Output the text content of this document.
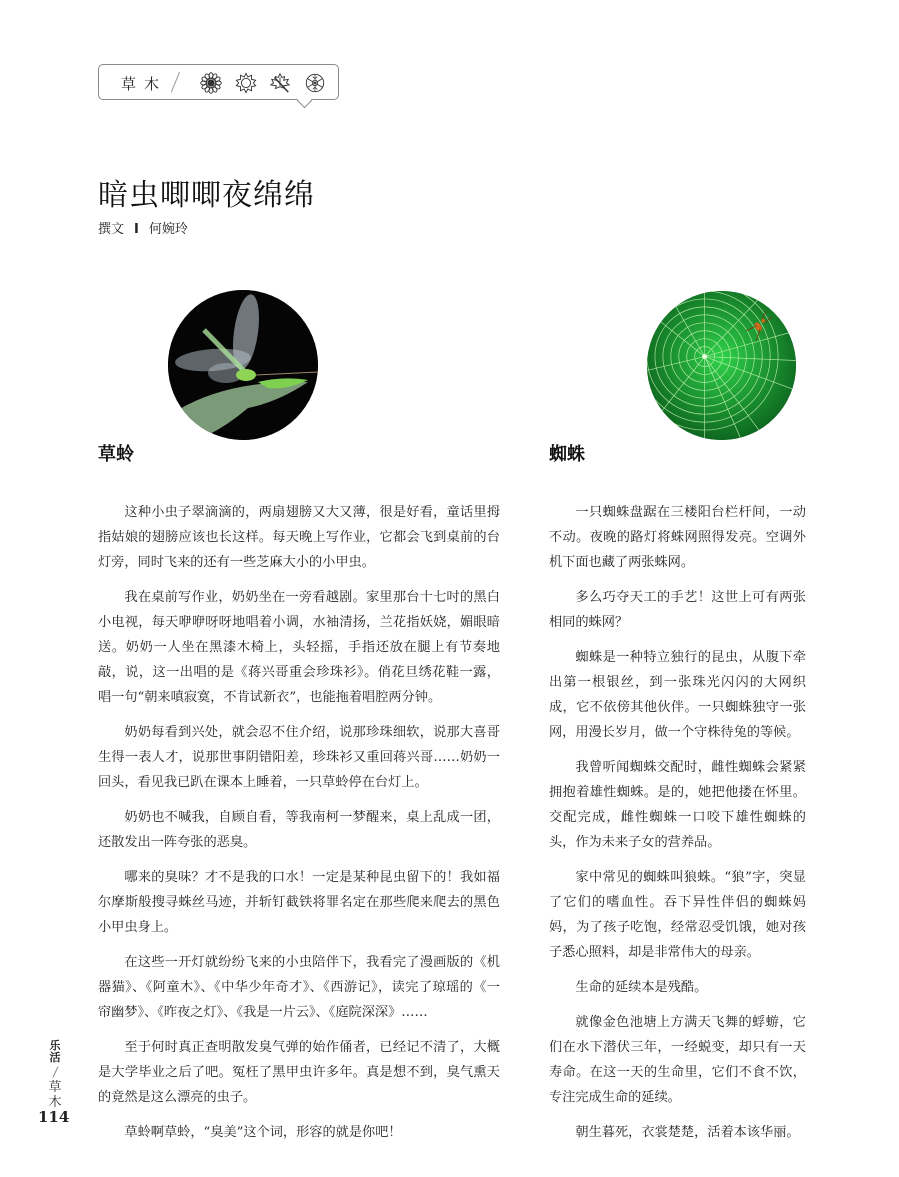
草木
暗虫唧唧夜绵绵
撰文 I 何婉玲
草蛉	蜘蛛

这种小虫子翠滴滴的，两扇翅膀又大又薄，很是好看，童话里拇指姑娘的翅膀应该也长这样。每天晚上写作业，它都会飞到桌前的台灯旁，同时飞来的还有一些芝麻大小的小甲虫。

我在桌前写作业，奶奶坐在一旁看越剧。家里那台十七吋的黑白小电视，每天咿咿呀呀地唱着小调，水袖清扬，兰花指妖娆，媚眼暗送。奶奶一人坐在黑漆木椅上，头轻摇，手指还放在腿上有节奏地敲，说，这一出唱的是《蒋兴哥重会珍珠衫》。俏花旦绣花鞋一露，唱一句“朝来嗔寂寞，不肯试新衣”，也能拖着唱腔两分钟。

奶奶每看到兴处，就会忍不住介绍，说那珍珠细软，说那大喜哥生得一表人才，说那世事阴错阳差，珍珠衫又重回蒋兴哥……奶奶一回头，看见我已趴在课本上睡着，一只草蛉停在台灯上。

奶奶也不喊我，自顾自看，等我南柯一梦醒来，桌上乱成一团，还散发出一阵夸张的恶臭。

哪来的臭味？才不是我的口水！一定是某种昆虫留下的！我如福尔摩斯般搜寻蛛丝马迹，并斩钉截铁将罪名定在那些爬来爬去的黑色小甲虫身上。

在这些一开灯就纷纷飞来的小虫陪伴下，我看完了漫画版的《机器猫》、《阿童木》、《中华少年奇才》、《西游记》，读完了琼瑶的《一帘幽梦》、《昨夜之灯》、《我是一片云》、《庭院深深》……

至于何时真正查明散发臭气弹的始作俑者，已经记不清了，大概是大学毕业之后了吧。冤枉了黑甲虫许多年。真是想不到，臭气熏天的竟然是这么漂亮的虫子。

草蛉啊草蛉，“臭美”这个词，形容的就是你吧！

一只蜘蛛盘踞在三楼阳台栏杆间，一动不动。夜晚的路灯将蛛网照得发亮。空调外机下面也藏了两张蛛网。

多么巧夺天工的手艺！这世上可有两张相同的蛛网？

蜘蛛是一种特立独行的昆虫，从腹下牵出第一根银丝，到一张珠光闪闪的大网织成，它不依傍其他伙伴。一只蜘蛛独守一张网，用漫长岁月，做一个守株待兔的等候。

我曾听闻蜘蛛交配时，雌性蜘蛛会紧紧拥抱着雄性蜘蛛。是的，她把他搂在怀里。交配完成，雌性蜘蛛一口咬下雄性蜘蛛的头，作为未来子女的营养品。

家中常见的蜘蛛叫狼蛛。“狼”字，突显了它们的嗜血性。吞下异性伴侣的蜘蛛妈妈，为了孩子吃饱，经常忍受饥饿，她对孩子悉心照料，却是非常伟大的母亲。

生命的延续本是残酷。

就像金色池塘上方满天飞舞的蜉蝣，它们在水下潜伏三年，一经蜕变，却只有一天寿命。在这一天的生命里，它们不食不饮，专注完成生命的延续。

朝生暮死，衣裳楚楚，活着本该华丽。

乐活
草木
114
